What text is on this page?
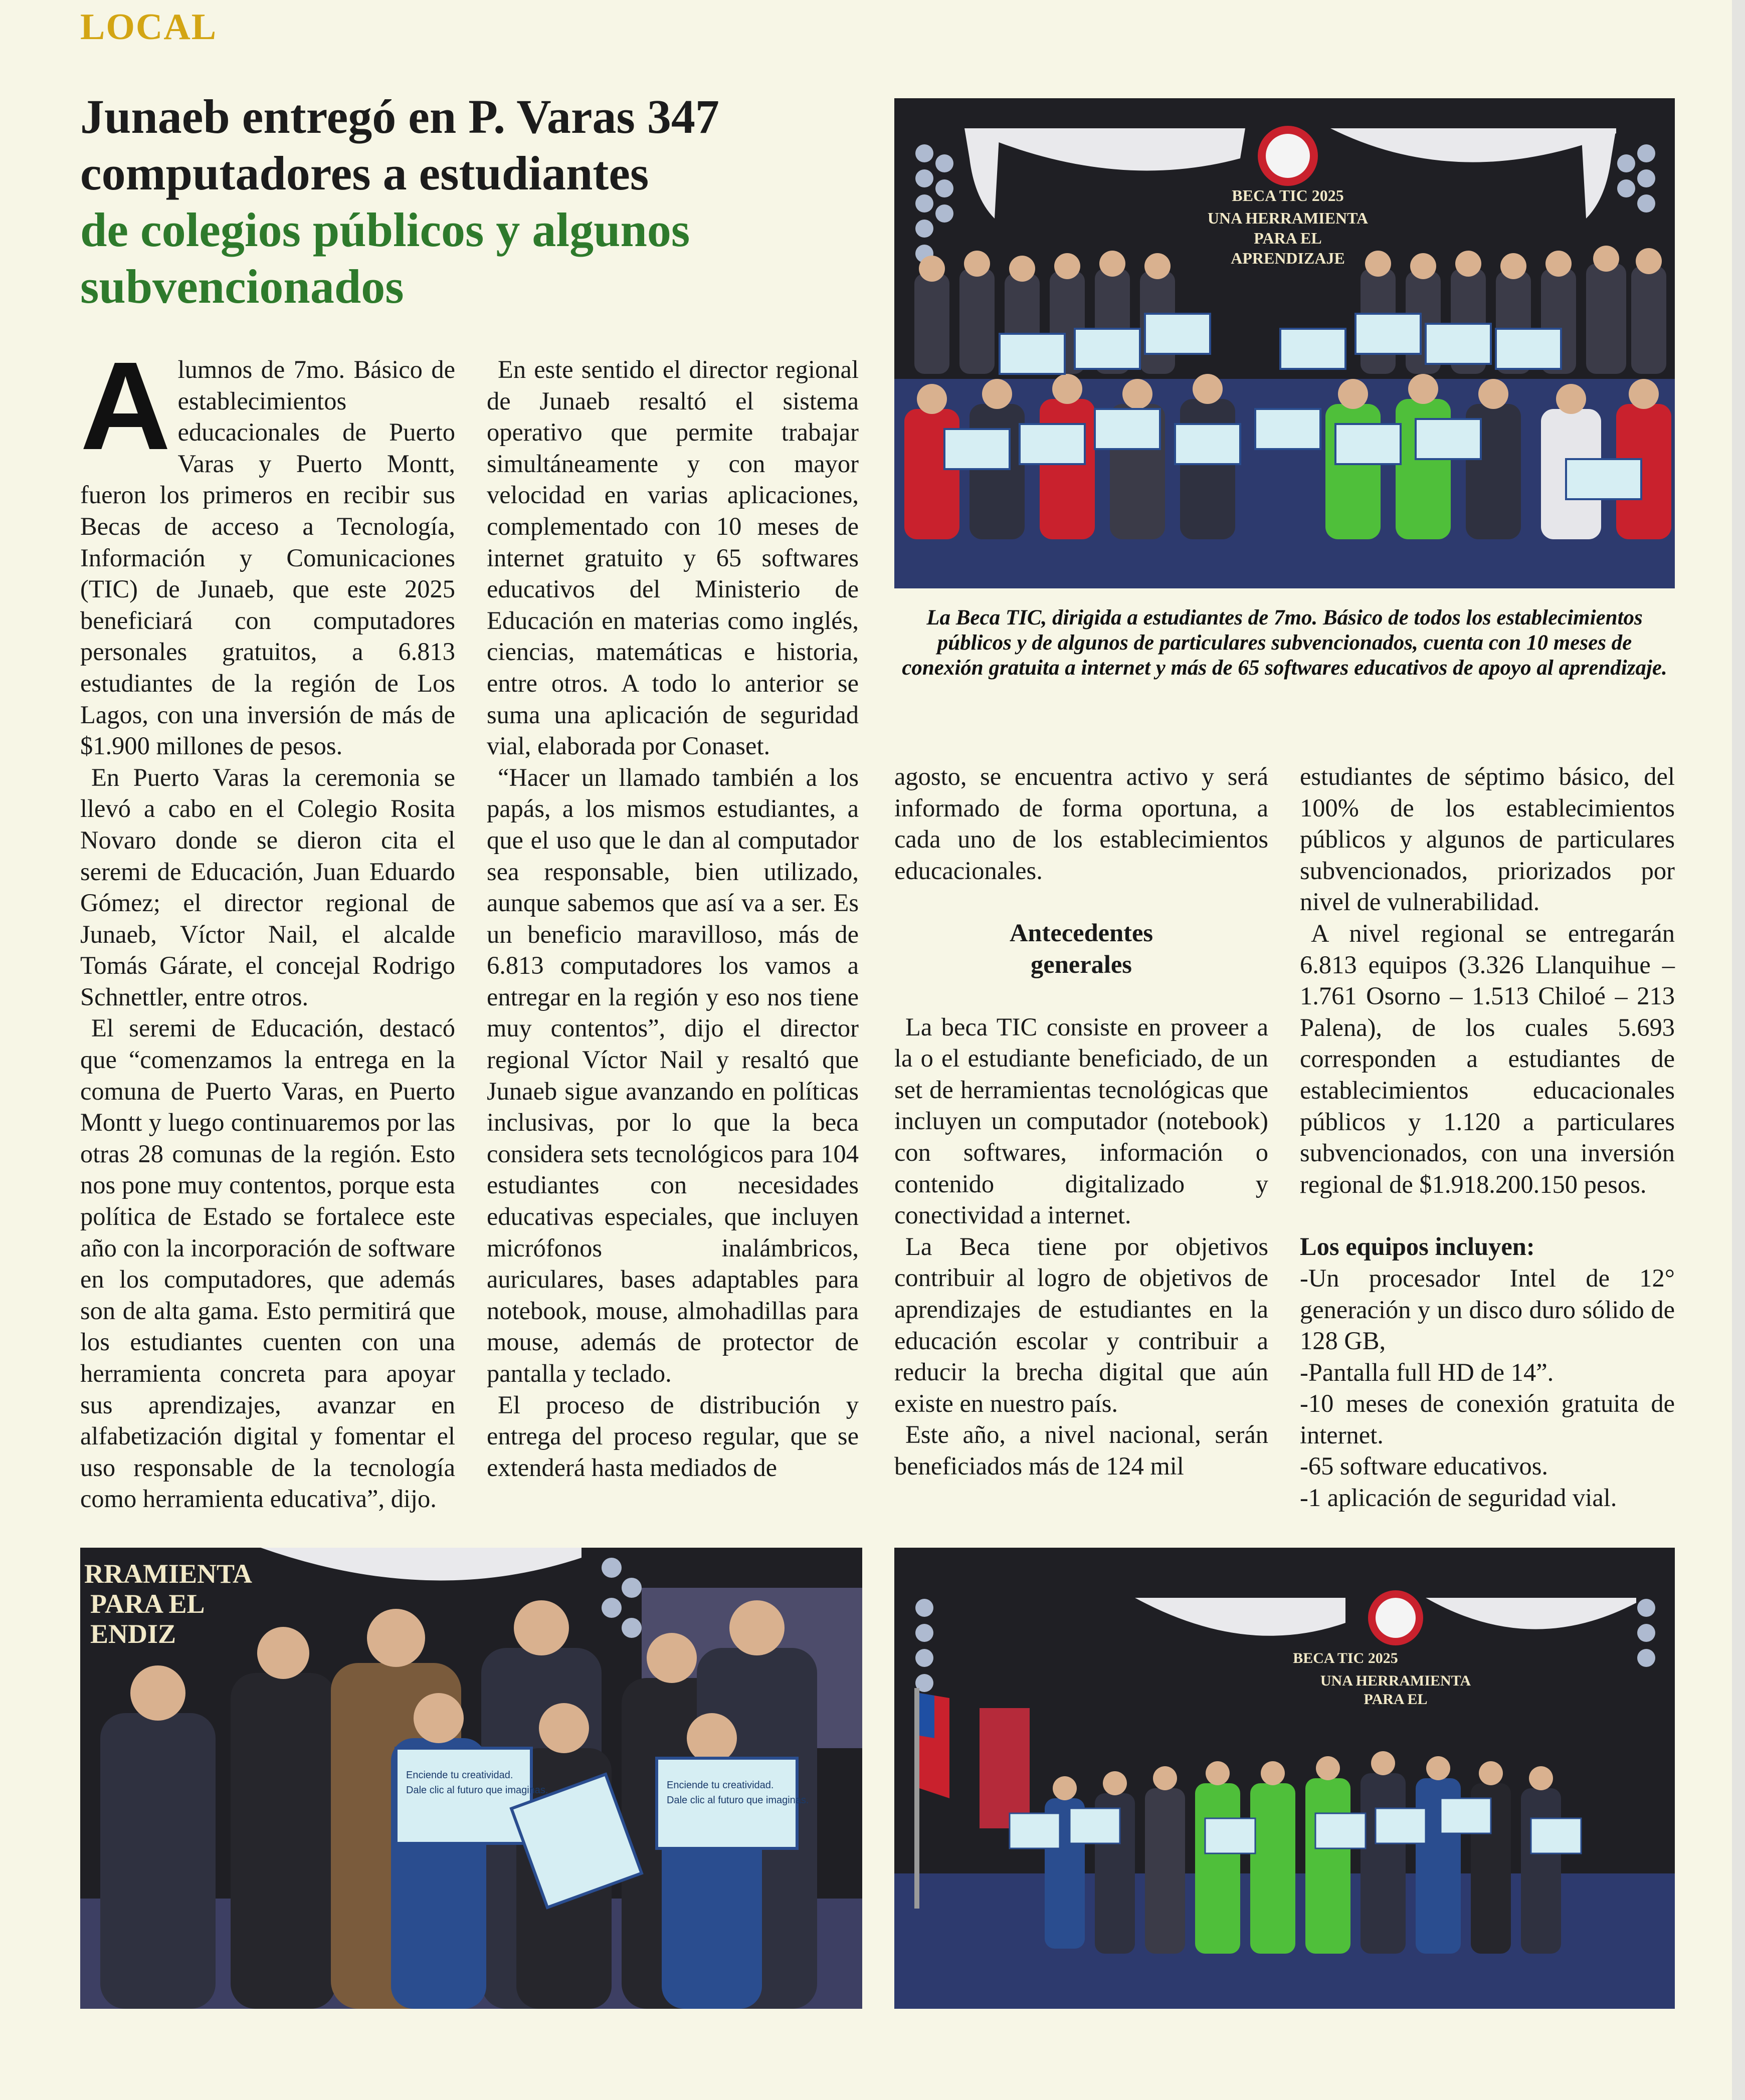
LOCAL
Junaeb entregó en P. Varas 347 computadores a estudiantes
de colegios públicos y algunos subvencionados

Alumnos de 7mo. Básico de establecimientos educacionales de Puerto Varas y Puerto Montt, fueron los primeros en recibir sus Becas de acceso a Tecnología, Información y Comunicaciones (TIC) de Junaeb, que este 2025 beneficiará con computadores personales gratuitos, a 6.813 estudiantes de la región de Los Lagos, con una inversión de más de $1.900 millones de pesos.

En Puerto Varas la ceremonia se llevó a cabo en el Colegio Rosita Novaro donde se dieron cita el seremi de Educación, Juan Eduardo Gómez; el director regional de Junaeb, Víctor Nail, el alcalde Tomás Gárate, el concejal Rodrigo Schnettler, entre otros.

El seremi de Educación, destacó que “comenzamos la entrega en la comuna de Puerto Varas, en Puerto Montt y luego continuaremos por las otras 28 comunas de la región. Esto nos pone muy contentos, porque esta política de Estado se fortalece este año con la incorporación de software en los computadores, que además son de alta gama. Esto permitirá que los estudiantes cuenten con una herramienta concreta para apoyar sus aprendizajes, avanzar en alfabetización digital y fomentar el uso responsable de la tecnología como herramienta educativa”, dijo.

En este sentido el director regional de Junaeb resaltó el sistema operativo que permite trabajar simultáneamente y con mayor velocidad en varias aplicaciones, complementado con 10 meses de internet gratuito y 65 softwares educativos del Ministerio de Educación en materias como inglés, ciencias, matemáticas e historia, entre otros. A todo lo anterior se suma una aplicación de seguridad vial, elaborada por Conaset.

“Hacer un llamado también a los papás, a los mismos estudiantes, a que el uso que le dan al computador sea responsable, bien utilizado, aunque sabemos que así va a ser. Es un beneficio maravilloso, más de 6.813 computadores los vamos a entregar en la región y eso nos tiene muy contentos”, dijo el director regional Víctor Nail y resaltó que Junaeb sigue avanzando en políticas inclusivas, por lo que la beca considera sets tecnológicos para 104 estudiantes con necesidades educativas especiales, que incluyen micrófonos inalámbricos, auriculares, bases adaptables para notebook, mouse, almohadillas para mouse, además de protector de pantalla y teclado.

El proceso de distribución y entrega del proceso regular, que se extenderá hasta mediados de

agosto, se encuentra activo y será informado de forma oportuna, a cada uno de los establecimientos educacionales.

Antecedentes
generales

La beca TIC consiste en proveer a la o el estudiante beneficiado, de un set de herramientas tecnológicas que incluyen un computador (notebook) con softwares, información o contenido digitalizado y conectividad a internet.

La Beca tiene por objetivos contribuir al logro de objetivos de aprendizajes de estudiantes en la educación escolar y contribuir a reducir la brecha digital que aún existe en nuestro país.

Este año, a nivel nacional, serán beneficiados más de 124 mil

estudiantes de séptimo básico, del 100% de los establecimientos públicos y algunos de particulares subvencionados, priorizados por nivel de vulnerabilidad.

A nivel regional se entregarán 6.813 equipos (3.326 Llanquihue – 1.761 Osorno – 1.513 Chiloé – 213 Palena), de los cuales 5.693 corresponden a estudiantes de establecimientos educacionales públicos y 1.120 a particulares subvencionados, con una inversión regional de $1.918.200.150 pesos.

Los equipos incluyen:

-Un procesador Intel de 12° generación y un disco duro sólido de 128 GB,

-Pantalla full HD de 14”.

-10 meses de conexión gratuita de internet.

-65 software educativos.

-1 aplicación de seguridad vial.

BECA TIC 2025
UNA HERRAMIENTA
PARA EL
APRENDIZAJE
La Beca TIC, dirigida a estudiantes de 7mo. Básico de todos los establecimientos públicos y de algunos de particulares subvencionados, cuenta con 10 meses de conexión gratuita a internet y más de 65 softwares educativos de apoyo al aprendizaje.
RRAMIENTA
PARA EL
ENDIZ
Enciende tu creatividad.
Dale clic al futuro que imaginas.	Enciende tu creatividad.
Dale clic al futuro que imaginas.
BECA TIC 2025
UNA HERRAMIENTA
PARA EL
